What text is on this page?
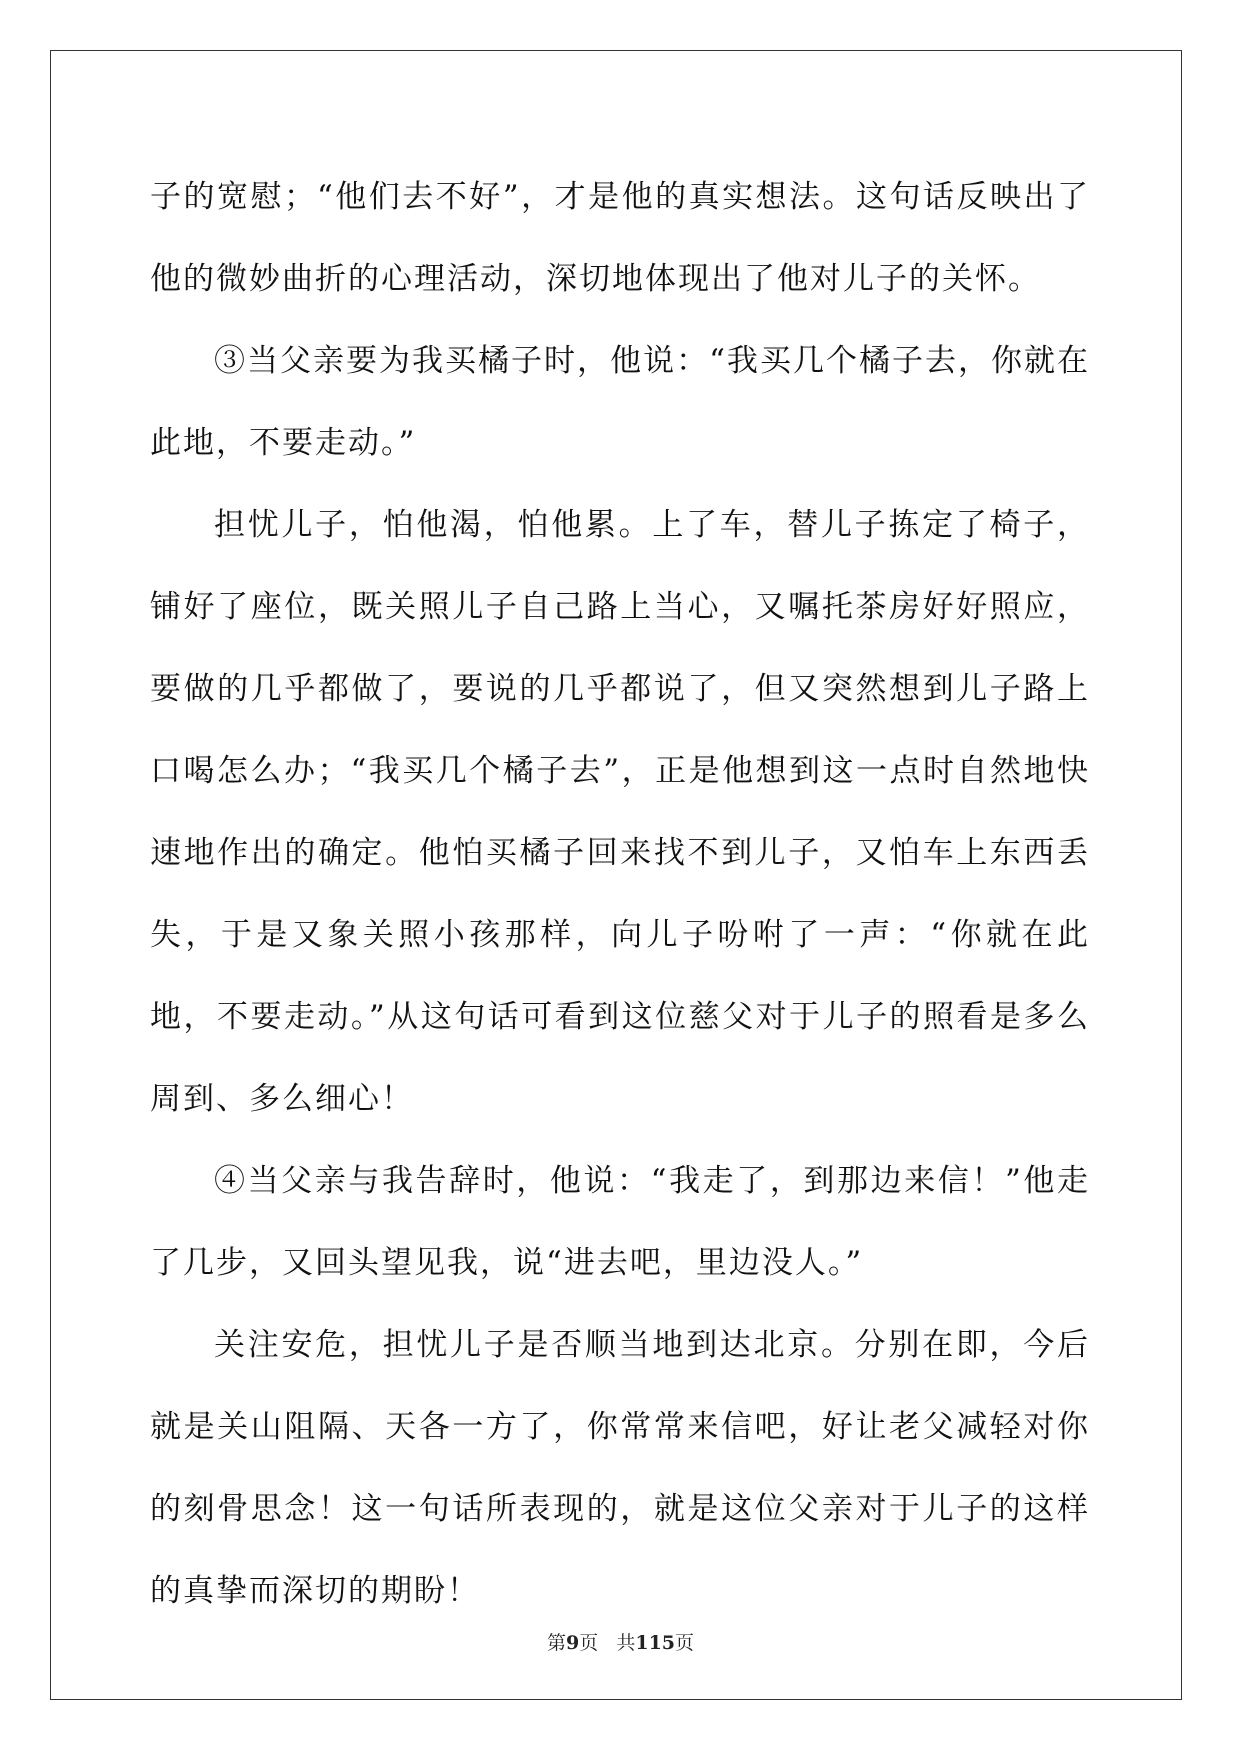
子的宽慰；“他们去不好”，才是他的真实想法。这句话反映出了他的微妙曲折的心理活动，深切地体现出了他对儿子的关怀。

③当父亲要为我买橘子时，他说：“我买几个橘子去，你就在此地，不要走动。”

担忧儿子，怕他渴，怕他累。上了车，替儿子拣定了椅子，铺好了座位，既关照儿子自己路上当心，又嘱托茶房好好照应，要做的几乎都做了，要说的几乎都说了，但又突然想到儿子路上口喝怎么办；“我买几个橘子去”，正是他想到这一点时自然地快速地作出的确定。他怕买橘子回来找不到儿子，又怕车上东西丢失，于是又象关照小孩那样，向儿子吩咐了一声：“你就在此地，不要走动。”从这句话可看到这位慈父对于儿子的照看是多么周到、多么细心！

④当父亲与我告辞时，他说：“我走了，到那边来信！”他走了几步，又回头望见我，说“进去吧，里边没人。”

关注安危，担忧儿子是否顺当地到达北京。分别在即，今后就是关山阻隔、天各一方了，你常常来信吧，好让老父减轻对你的刻骨思念！这一句话所表现的，就是这位父亲对于儿子的这样的真挚而深切的期盼！

第9页 共115页
